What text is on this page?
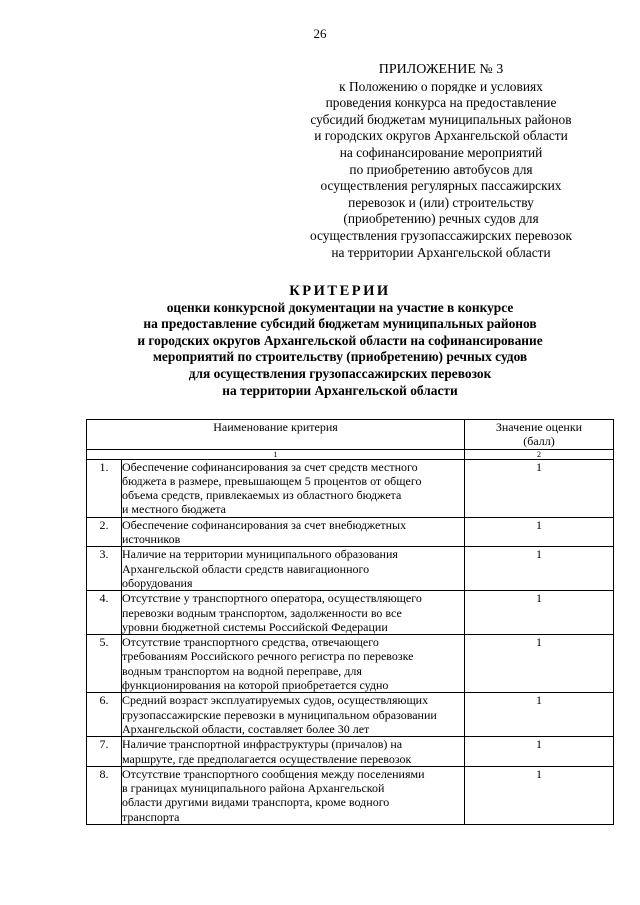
26
ПРИЛОЖЕНИЕ № 3
к Положению о порядке и условиях
проведения конкурса на предоставление
субсидий бюджетам муниципальных районов
и городских округов Архангельской области
на софинансирование мероприятий
по приобретению автобусов для
осуществления регулярных пассажирских
перевозок и (или) строительству
(приобретению) речных судов для
осуществления грузопассажирских перевозок
на территории Архангельской области
КРИТЕРИИ
оценки конкурсной документации на участие в конкурсе
на предоставление субсидий бюджетам муниципальных районов
и городских округов Архангельской области на софинансирование
мероприятий по строительству (приобретению) речных судов
для осуществления грузопассажирских перевозок
на территории Архангельской области
Наименование критерия		Значение оценки
(балл)

1		2
1.	Обеспечение софинансирования за счет средств местного
бюджета в размере, превышающем 5 процентов от общего
объема средств, привлекаемых из областного бюджета
и местного бюджета	1
2.	Обеспечение софинансирования за счет внебюджетных
источников	1
3.	Наличие на территории муниципального образования
Архангельской области средств навигационного
оборудования	1
4.	Отсутствие у транспортного оператора, осуществляющего
перевозки водным транспортом, задолженности во все
уровни бюджетной системы Российской Федерации	1
5.	Отсутствие транспортного средства, отвечающего
требованиям Российского речного регистра по перевозке
водным транспортом на водной переправе, для
функционирования на которой приобретается судно	1
6.	Средний возраст эксплуатируемых судов, осуществляющих
грузопассажирские перевозки в муниципальном образовании
Архангельской области, составляет более 30 лет	1
7.	Наличие транспортной инфраструктуры (причалов) на
маршруте, где предполагается осуществление перевозок	1
8.	Отсутствие транспортного сообщения между поселениями
в границах муниципального района Архангельской
области другими видами транспорта, кроме водного
транспорта	1
